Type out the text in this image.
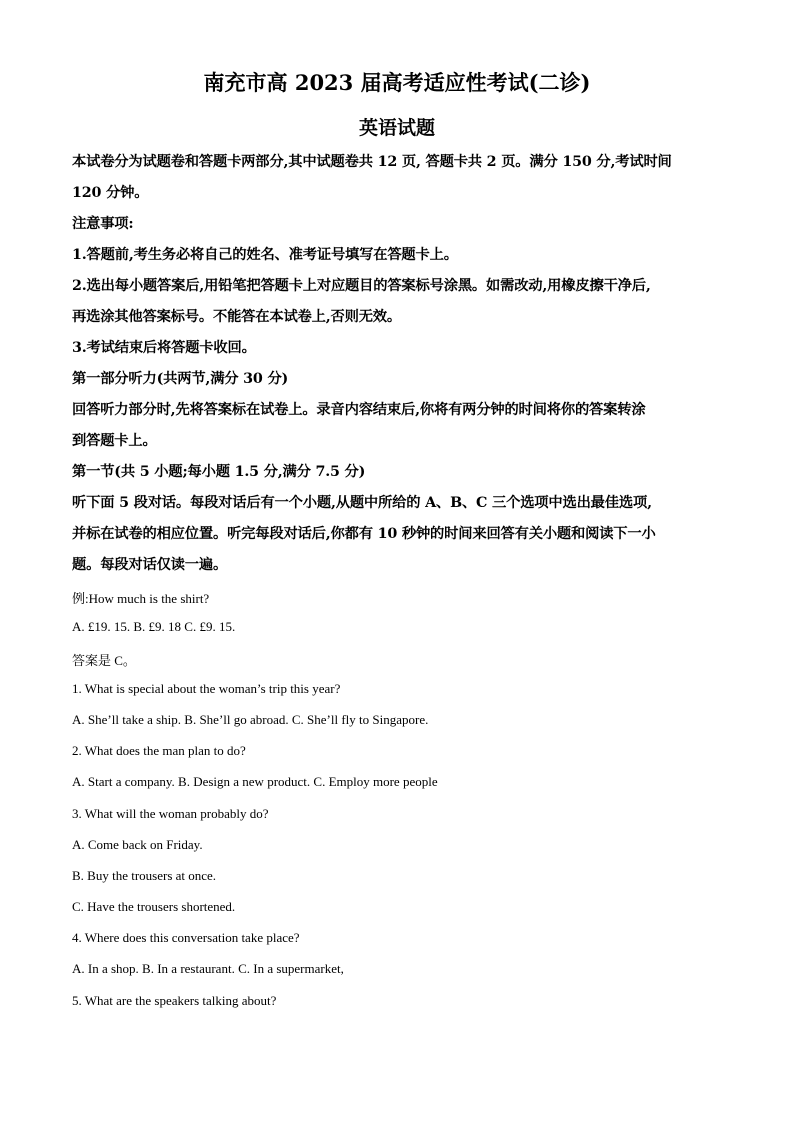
南充市高 2023 届高考适应性考试(二诊)
英语试题
本试卷分为试题卷和答题卡两部分,其中试题卷共 12 页, 答题卡共 2 页。满分 150 分,考试时间
120 分钟。
注意事项:
1.答题前,考生务必将自己的姓名、准考证号填写在答题卡上。
2.选出每小题答案后,用铅笔把答题卡上对应题目的答案标号涂黑。如需改动,用橡皮擦干净后,
再选涂其他答案标号。不能答在本试卷上,否则无效。
3.考试结束后将答题卡收回。
第一部分听力(共两节,满分 30 分)
回答听力部分时,先将答案标在试卷上。录音内容结束后,你将有两分钟的时间将你的答案转涂
到答题卡上。
第一节(共 5 小题;每小题 1.5 分,满分 7.5 分)
听下面 5 段对话。每段对话后有一个小题,从题中所给的 A、B、C 三个选项中选出最佳选项,
并标在试卷的相应位置。听完每段对话后,你都有 10 秒钟的时间来回答有关小题和阅读下一小
题。每段对话仅读一遍。
例:How much is the shirt?
A. £19. 15. B. £9. 18 C. £9. 15.
答案是 C。
1. What is special about the woman’s trip this year?
A. She’ll take a ship. B. She’ll go abroad. C. She’ll fly to Singapore.
2. What does the man plan to do?
A. Start a company. B. Design a new product. C. Employ more people
3. What will the woman probably do?
A. Come back on Friday.
B. Buy the trousers at once.
C. Have the trousers shortened.
4. Where does this conversation take place?
A. In a shop. B. In a restaurant. C. In a supermarket,
5. What are the speakers talking about?
